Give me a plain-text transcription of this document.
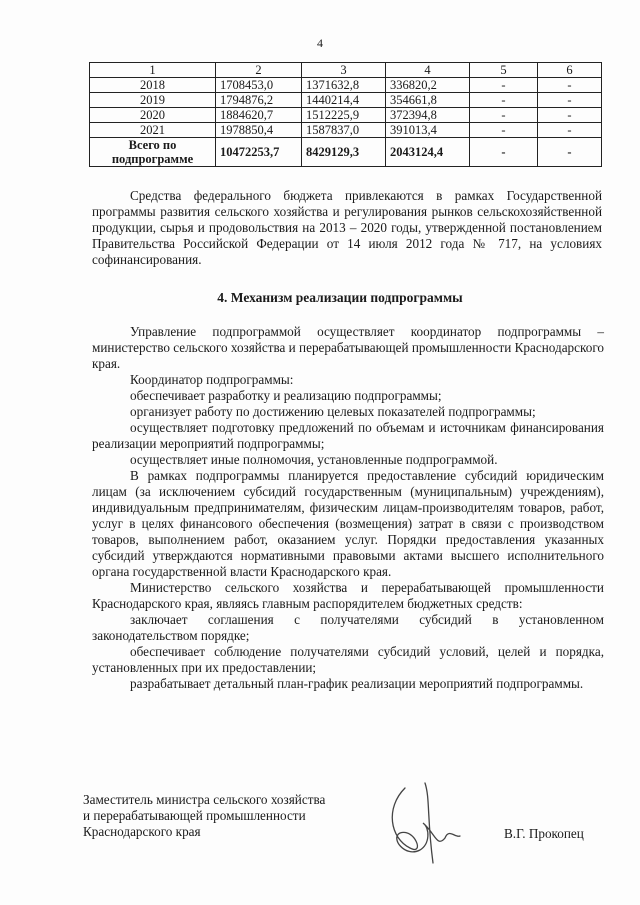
4
1	2	3	4	5	6
2018	1708453,0	1371632,8	336820,2	-	-
2019	1794876,2	1440214,4	354661,8	-	-
2020	1884620,7	1512225,9	372394,8	-	-
2021	1978850,4	1587837,0	391013,4	-	-
Всего по подпрограмме	10472253,7	8429129,3	2043124,4	-	-

Средства федерального бюджета привлекаются в рамках Государственной программы развития сельского хозяйства и регулирования рынков сельскохозяйственной продукции, сырья и продовольствия на 2013 – 2020 годы, утвержденной постановлением Правительства Российской Федерации от 14 июля 2012 года № 717, на условиях софинансирования.

4. Механизм реализации подпрограммы

Управление подпрограммой осуществляет координатор подпрограммы – министерство сельского хозяйства и перерабатывающей промышленности Краснодарского края.

Координатор подпрограммы:

обеспечивает разработку и реализацию подпрограммы;

организует работу по достижению целевых показателей подпрограммы;

осуществляет подготовку предложений по объемам и источникам финансирования реализации мероприятий подпрограммы;

осуществляет иные полномочия, установленные подпрограммой.

В рамках подпрограммы планируется предоставление субсидий юридическим лицам (за исключением субсидий государственным (муниципальным) учреждениям), индивидуальным предпринимателям, физическим лицам-производителям товаров, работ, услуг в целях финансового обеспечения (возмещения) затрат в связи с производством товаров, выполнением работ, оказанием услуг. Порядки предоставления указанных субсидий утверждаются нормативными правовыми актами высшего исполнительного органа государственной власти Краснодарского края.

Министерство сельского хозяйства и перерабатывающей промышленности Краснодарского края, являясь главным распорядителем бюджетных средств:

заключает соглашения с получателями субсидий в установленном законодательством порядке;

обеспечивает соблюдение получателями субсидий условий, целей и порядка, установленных при их предоставлении;

разрабатывает детальный план-график реализации мероприятий подпрограммы.

Заместитель министра сельского хозяйства
и перерабатывающей промышленности
Краснодарского края	В.Г. Прокопец
